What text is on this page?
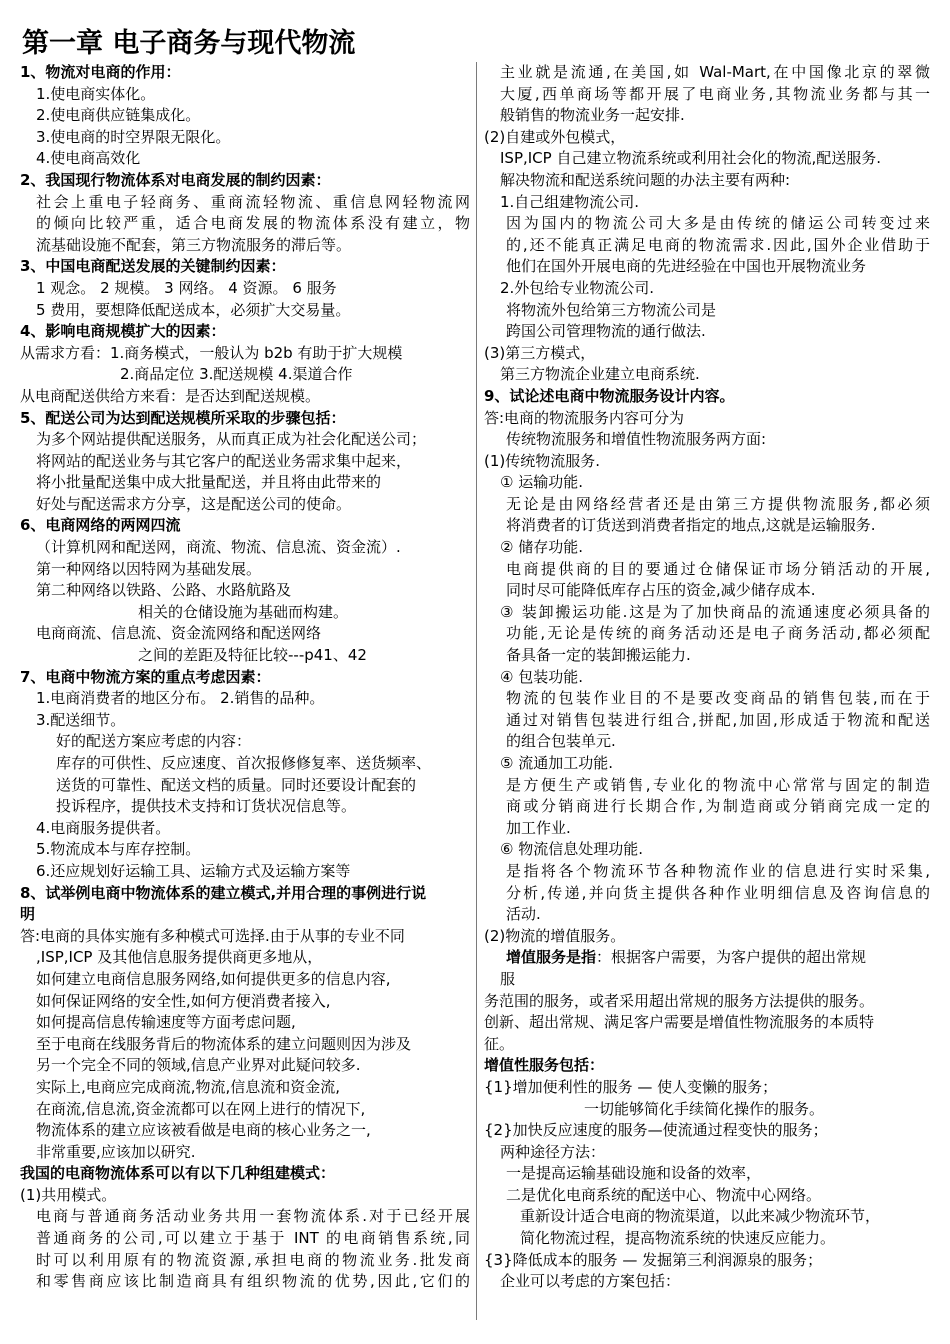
第一章 电子商务与现代物流
1、物流对电商的作用：
1.使电商实体化。
2.使电商供应链集成化。
3.使电商的时空界限无限化。
4.使电商高效化
2、我国现行物流体系对电商发展的制约因素：
社会上重电子轻商务、重商流轻物流、重信息网轻物流网
的倾向比较严重，适合电商发展的物流体系没有建立，物
流基础设施不配套，第三方物流服务的滞后等。
3、中国电商配送发展的关键制约因素：
1 观念。 2 规模。 3 网络。 4 资源。 6 服务
5 费用，要想降低配送成本，必须扩大交易量。
4、影响电商规模扩大的因素：
从需求方看：1.商务模式，一般认为 b2b 有助于扩大规模
2.商品定位 3.配送规模 4.渠道合作
从电商配送供给方来看：是否达到配送规模。
5、配送公司为达到配送规模所采取的步骤包括：
为多个网站提供配送服务，从而真正成为社会化配送公司；
将网站的配送业务与其它客户的配送业务需求集中起来，
将小批量配送集中成大批量配送，并且将由此带来的
好处与配送需求方分享，这是配送公司的使命。
6、电商网络的两网四流
（计算机网和配送网，商流、物流、信息流、资金流）.
第一种网络以因特网为基础发展。
第二种网络以铁路、公路、水路航路及
相关的仓储设施为基础而构建。
电商商流、信息流、资金流网络和配送网络
之间的差距及特征比较---p41、42
7、电商中物流方案的重点考虑因素：
1.电商消费者的地区分布。 2.销售的品种。
3.配送细节。
好的配送方案应考虑的内容：
库存的可供性、反应速度、首次报修修复率、送货频率、
送货的可靠性、配送文档的质量。同时还要设计配套的
投诉程序，提供技术支持和订货状况信息等。
4.电商服务提供者。
5.物流成本与库存控制。
6.还应规划好运输工具、运输方式及运输方案等
8、试举例电商中物流体系的建立模式,并用合理的事例进行说
明
答:电商的具体实施有多种模式可选择.由于从事的专业不同
,ISP,ICP 及其他信息服务提供商更多地从，
如何建立电商信息服务网络,如何提供更多的信息内容,
如何保证网络的安全性,如何方便消费者接入,
如何提高信息传输速度等方面考虑问题,
至于电商在线服务背后的物流体系的建立问题则因为涉及
另一个完全不同的领域,信息产业界对此疑问较多.
实际上,电商应完成商流,物流,信息流和资金流,
在商流,信息流,资金流都可以在网上进行的情况下,
物流体系的建立应该被看做是电商的核心业务之一,
非常重要,应该加以研究.
我国的电商物流体系可以有以下几种组建模式：
(1)共用模式。
电商与普通商务活动业务共用一套物流体系.对于已经开展
普通商务的公司,可以建立于基于 INT 的电商销售系统,同
时可以利用原有的物流资源,承担电商的物流业务.批发商
和零售商应该比制造商具有组织物流的优势,因此,它们的
主业就是流通,在美国,如 Wal-Mart,在中国像北京的翠微
大厦,西单商场等都开展了电商业务,其物流业务都与其一
般销售的物流业务一起安排.
(2)自建或外包模式，
ISP,ICP 自己建立物流系统或利用社会化的物流,配送服务.
解决物流和配送系统问题的办法主要有两种:
1.自己组建物流公司.
因为国内的物流公司大多是由传统的储运公司转变过来
的,还不能真正满足电商的物流需求.因此,国外企业借助于
他们在国外开展电商的先进经验在中国也开展物流业务
2.外包给专业物流公司.
将物流外包给第三方物流公司是
跨国公司管理物流的通行做法.
(3)第三方模式，
第三方物流企业建立电商系统.
9、试论述电商中物流服务设计内容。
答:电商的物流服务内容可分为
传统物流服务和增值性物流服务两方面:
(1)传统物流服务.
① 运输功能.
无论是由网络经营者还是由第三方提供物流服务,都必须
将消费者的订货送到消费者指定的地点,这就是运输服务.
② 储存功能.
电商提供商的目的要通过仓储保证市场分销活动的开展,
同时尽可能降低库存占压的资金,减少储存成本.
③ 装卸搬运功能.这是为了加快商品的流通速度必须具备的
功能,无论是传统的商务活动还是电子商务活动,都必须配
备具备一定的装卸搬运能力.
④ 包装功能.
物流的包装作业目的不是要改变商品的销售包装,而在于
通过对销售包装进行组合,拼配,加固,形成适于物流和配送
的组合包装单元.
⑤ 流通加工功能.
是方便生产或销售,专业化的物流中心常常与固定的制造
商或分销商进行长期合作,为制造商或分销商完成一定的
加工作业.
⑥ 物流信息处理功能.
是指将各个物流环节各种物流作业的信息进行实时采集,
分析,传递,并向货主提供各种作业明细信息及咨询信息的
活动.
(2)物流的增值服务。
增值服务是指：根据客户需要，为客户提供的超出常规
服
务范围的服务，或者采用超出常规的服务方法提供的服务。
创新、超出常规、满足客户需要是增值性物流服务的本质特
征。
增值性服务包括：
{1}增加便利性的服务 — 使人变懒的服务；
一切能够简化手续简化操作的服务。
{2}加快反应速度的服务—使流通过程变快的服务；
两种途径方法：
一是提高运输基础设施和设备的效率，
二是优化电商系统的配送中心、物流中心网络。
重新设计适合电商的物流渠道，以此来减少物流环节，
简化物流过程，提高物流系统的快速反应能力。
{3}降低成本的服务 — 发掘第三利润源泉的服务；
企业可以考虑的方案包括：
